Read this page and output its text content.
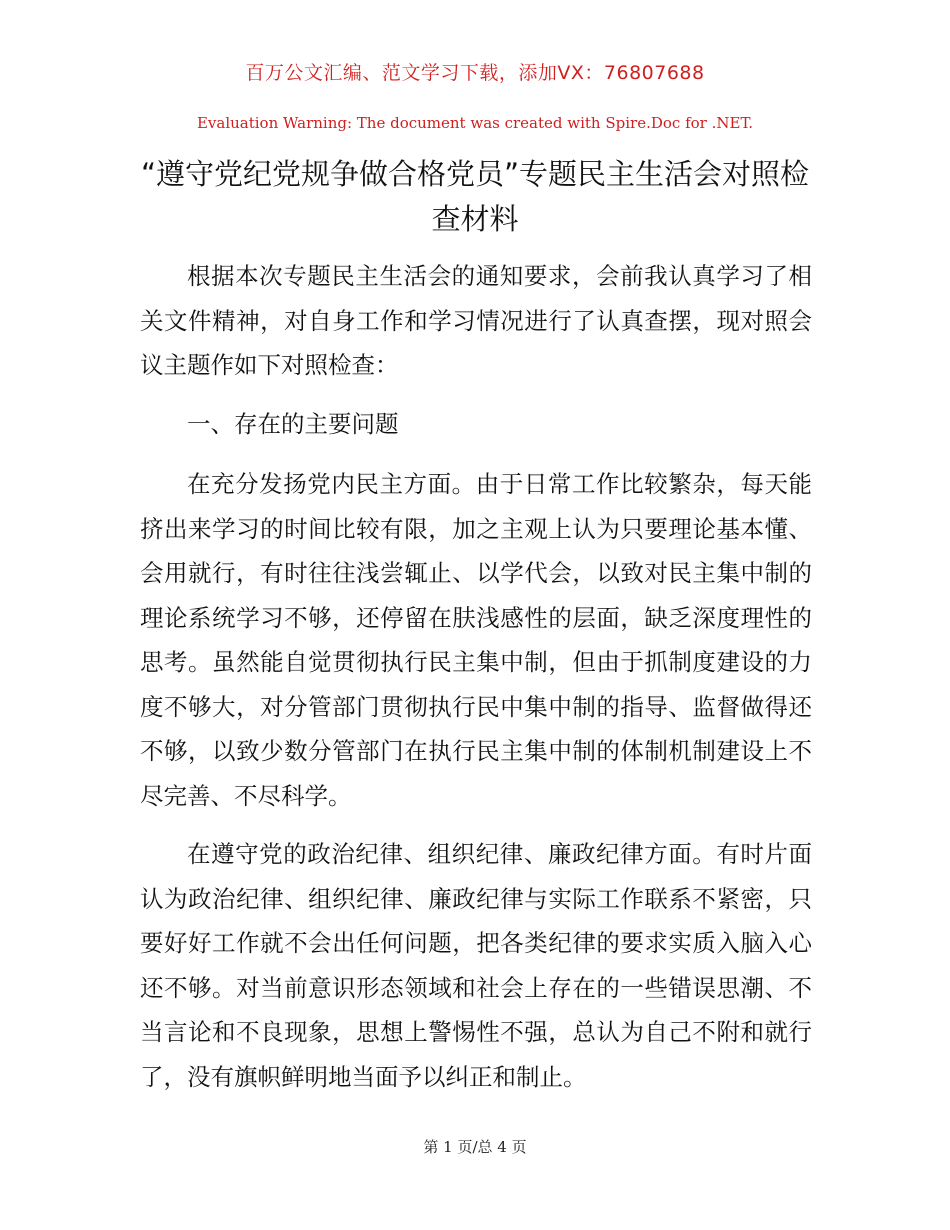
百万公文汇编、范文学习下载，添加VX：76807688
Evaluation Warning: The document was created with Spire.Doc for .NET.
“遵守党纪党规争做合格党员”专题民主生活会对照检查材料

根据本次专题民主生活会的通知要求，会前我认真学习了相关文件精神，对自身工作和学习情况进行了认真查摆，现对照会议主题作如下对照检查：

一、存在的主要问题

在充分发扬党内民主方面。由于日常工作比较繁杂，每天能挤出来学习的时间比较有限，加之主观上认为只要理论基本懂、会用就行，有时往往浅尝辄止、以学代会，以致对民主集中制的理论系统学习不够，还停留在肤浅感性的层面，缺乏深度理性的思考。虽然能自觉贯彻执行民主集中制，但由于抓制度建设的力度不够大，对分管部门贯彻执行民中集中制的指导、监督做得还不够，以致少数分管部门在执行民主集中制的体制机制建设上不尽完善、不尽科学。

在遵守党的政治纪律、组织纪律、廉政纪律方面。有时片面认为政治纪律、组织纪律、廉政纪律与实际工作联系不紧密，只要好好工作就不会出任何问题，把各类纪律的要求实质入脑入心还不够。对当前意识形态领域和社会上存在的一些错误思潮、不当言论和不良现象，思想上警惕性不强，总认为自己不附和就行了，没有旗帜鲜明地当面予以纠正和制止。

第 1 页/总 4 页
